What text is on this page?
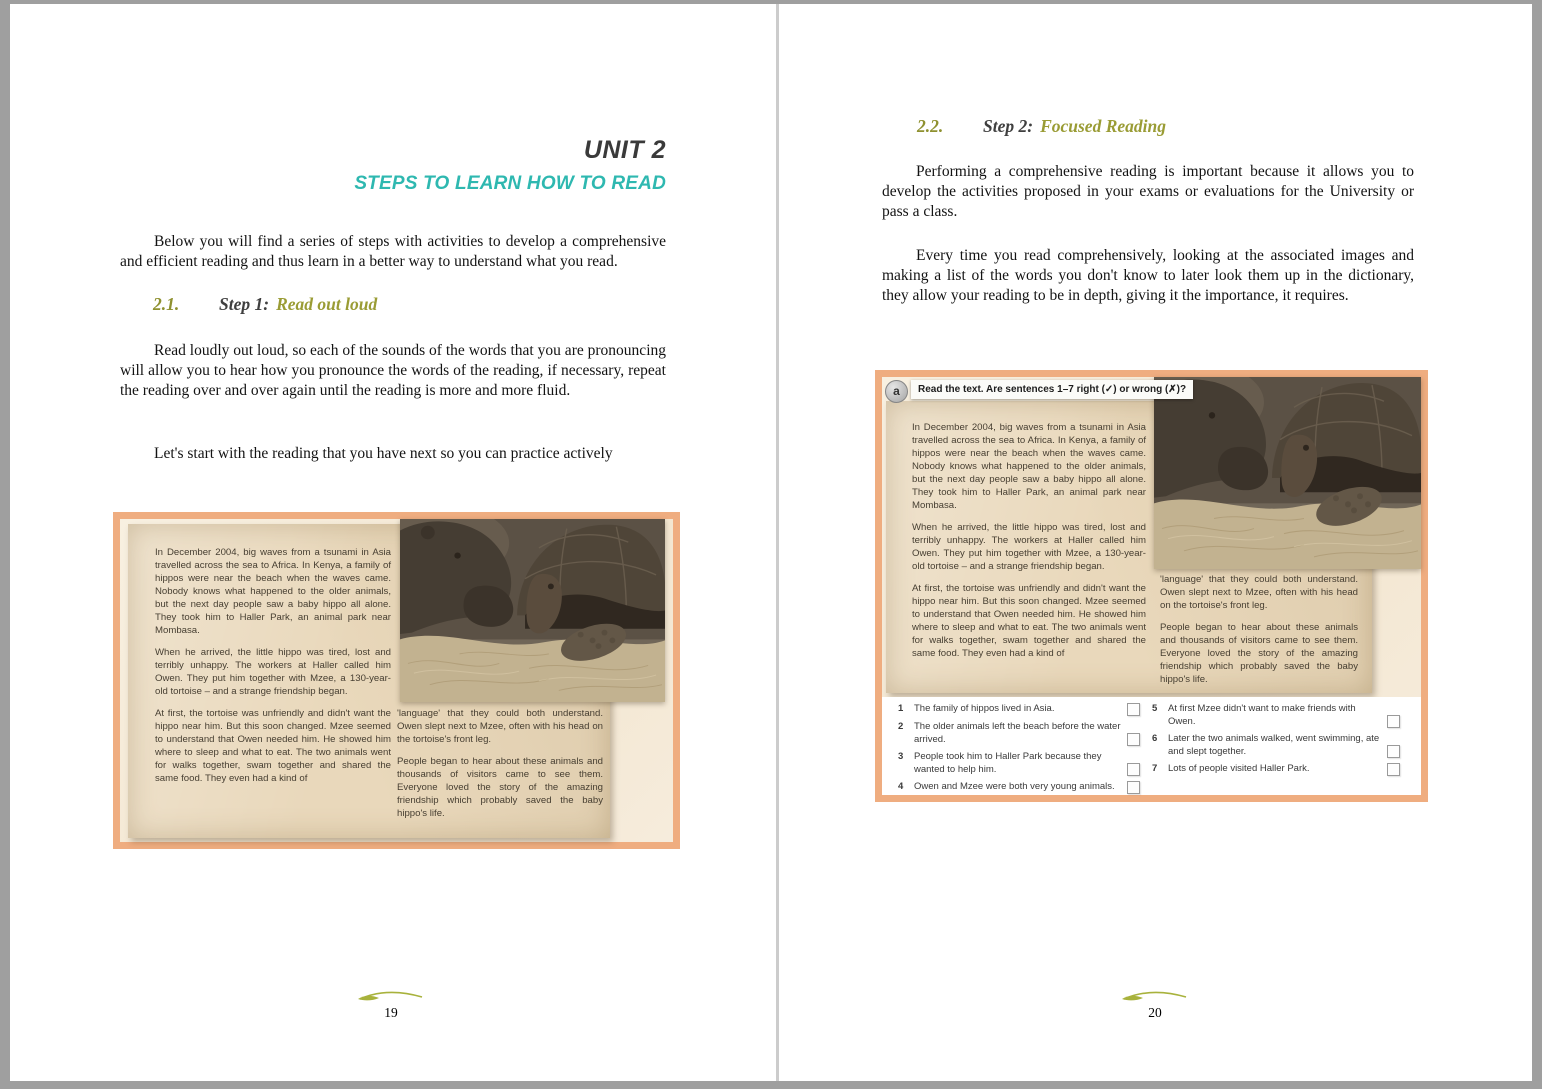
UNIT 2
STEPS TO LEARN HOW TO READ

Below you will find a series of steps with activities to develop a comprehensive and efficient reading and thus learn in a better way to understand what you read.

2.1. Step 1: Read out loud

Read loudly out loud, so each of the sounds of the words that you are pronouncing will allow you to hear how you pronounce the words of the reading, if necessary, repeat the reading over and over again until the reading is more and more fluid.

Let's start with the reading that you have next so you can practice actively

In December 2004, big waves from a tsunami in Asia travelled across the sea to Africa. In Kenya, a family of hippos were near the beach when the waves came. Nobody knows what happened to the older animals, but the next day people saw a baby hippo all alone. They took him to Haller Park, an animal park near Mombasa.

When he arrived, the little hippo was tired, lost and terribly unhappy. The workers at Haller called him Owen. They put him together with Mzee, a 130-year-old tortoise – and a strange friendship began.

At first, the tortoise was unfriendly and didn't want the hippo near him. But this soon changed. Mzee seemed to understand that Owen needed him. He showed him where to sleep and what to eat. The two animals went for walks together, swam together and shared the same food. They even had a kind of

'language' that they could both understand. Owen slept next to Mzee, often with his head on the tortoise's front leg.

People began to hear about these animals and thousands of visitors came to see them. Everyone loved the story of the amazing friendship which probably saved the baby hippo's life.

19
2.2. Step 2: Focused Reading

Performing a comprehensive reading is important because it allows you to develop the activities proposed in your exams or evaluations for the University or pass a class.

Every time you read comprehensively, looking at the associated images and making a list of the words you don't know to later look them up in the dictionary, they allow your reading to be in depth, giving it the importance, it requires.

a	Read the text. Are sentences 1–7 right (✓) or wrong (✗)?

In December 2004, big waves from a tsunami in Asia travelled across the sea to Africa. In Kenya, a family of hippos were near the beach when the waves came. Nobody knows what happened to the older animals, but the next day people saw a baby hippo all alone. They took him to Haller Park, an animal park near Mombasa.

When he arrived, the little hippo was tired, lost and terribly unhappy. The workers at Haller called him Owen. They put him together with Mzee, a 130-year-old tortoise – and a strange friendship began.

At first, the tortoise was unfriendly and didn't want the hippo near him. But this soon changed. Mzee seemed to understand that Owen needed him. He showed him where to sleep and what to eat. The two animals went for walks together, swam together and shared the same food. They even had a kind of

'language' that they could both understand. Owen slept next to Mzee, often with his head on the tortoise's front leg.

People began to hear about these animals and thousands of visitors came to see them. Everyone loved the story of the amazing friendship which probably saved the baby hippo's life.

1	The family of hippos lived in Asia.
2	The older animals left the beach before the water arrived.
3	People took him to Haller Park because they wanted to help him.
4	Owen and Mzee were both very young animals.
5	At first Mzee didn't want to make friends with Owen.
6	Later the two animals walked, went swimming, ate and slept together.
7	Lots of people visited Haller Park.
20
